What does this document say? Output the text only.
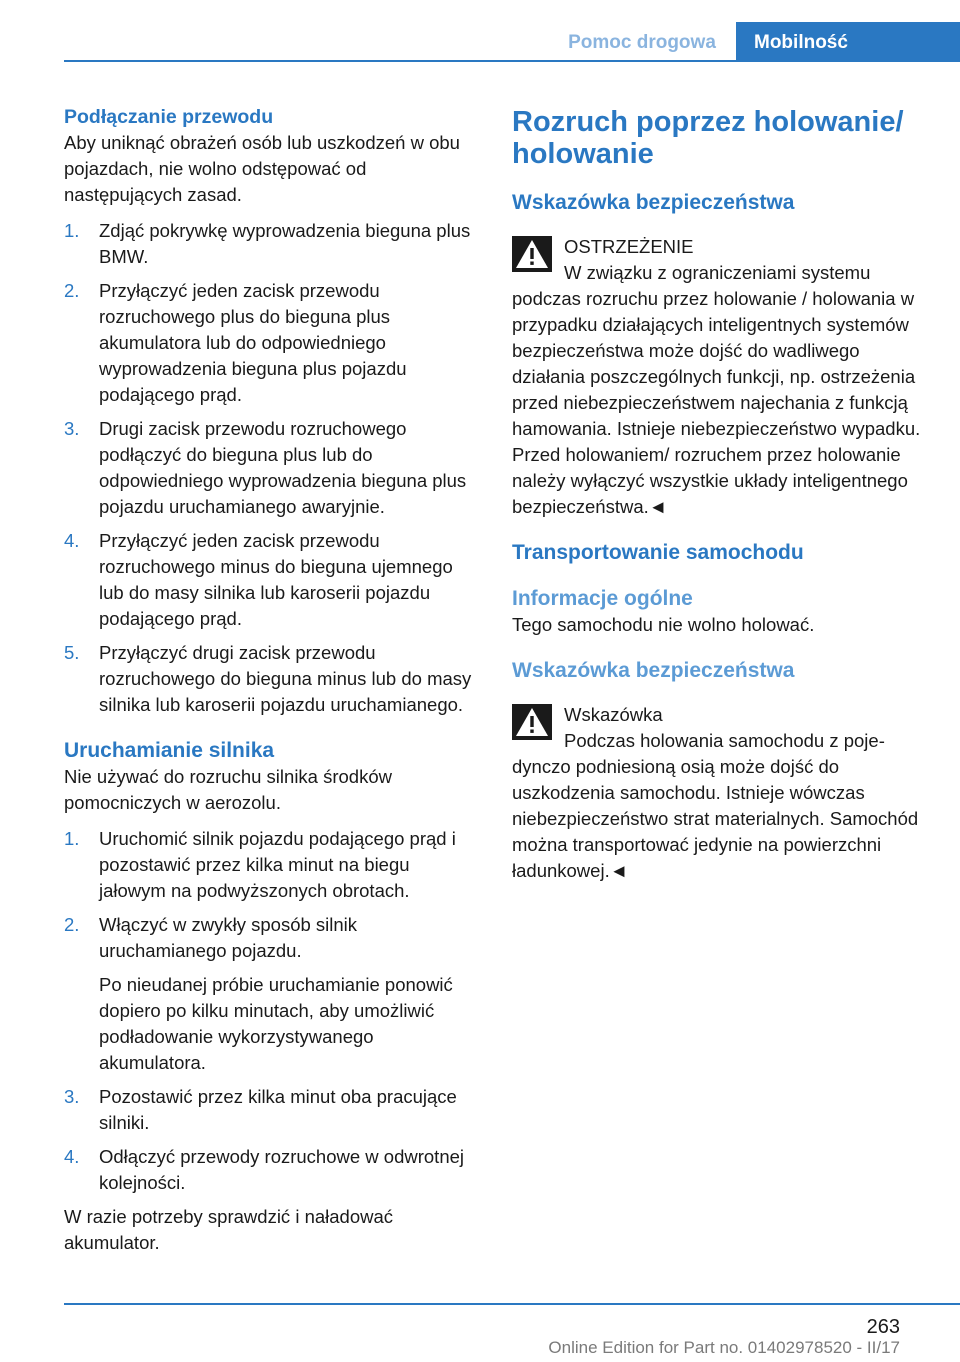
Pomoc drogowa	Mobilność
Podłączanie przewodu

Aby uniknąć obrażeń osób lub uszkodzeń w obu pojazdach, nie wolno odstępować od następujących zasad.

1. Zdjąć pokrywkę wyprowadzenia bieguna plus BMW.
2. Przyłączyć jeden zacisk przewodu rozruchowego plus do bieguna plus akumulatora lub do odpowiedniego wyprowadzenia bieguna plus pojazdu podającego prąd.
3. Drugi zacisk przewodu rozruchowego podłączyć do bieguna plus lub do odpowiedniego wyprowadzenia bieguna plus pojazdu uruchamianego awaryjnie.
4. Przyłączyć jeden zacisk przewodu rozruchowego minus do bieguna ujemnego lub do masy silnika lub karoserii pojazdu podającego prąd.
5. Przyłączyć drugi zacisk przewodu rozruchowego do bieguna minus lub do masy silnika lub karoserii pojazdu uruchamianego.
Uruchamianie silnika

Nie używać do rozruchu silnika środków pomocniczych w aerozolu.

1. Uruchomić silnik pojazdu podającego prąd i pozostawić przez kilka minut na biegu jałowym na podwyższonych obrotach.
2. Włączyć w zwykły sposób silnik uruchamianego pojazdu.
Po nieudanej próbie uruchamianie ponowić dopiero po kilku minutach, aby umożliwić podładowanie wykorzystywanego akumulatora.
3. Pozostawić przez kilka minut oba pracujące silniki.
4. Odłączyć przewody rozruchowe w odwrotnej kolejności.

W razie potrzeby sprawdzić i naładować akumulator.

Rozruch poprzez holowanie/ holowanie
Wskazówka bezpieczeństwa
OSTRZEŻENIE
W związku z ograniczeniami systemu
podczas rozruchu przez holowanie / holowania w przypadku działających inteligentnych systemów bezpieczeństwa może dojść do wadliwego działania poszczególnych funkcji, np. ostrzeżenia przed niebezpieczeństwem najechania z funkcją hamowania. Istnieje niebezpieczeństwo wypadku. Przed holowaniem/ rozruchem przez holowanie należy wyłączyć wszystkie układy inteligentnego bezpieczeństwa.◄
Transportowanie samochodu
Informacje ogólne

Tego samochodu nie wolno holować.

Wskazówka bezpieczeństwa
Wskazówka
Podczas holowania samochodu z poje-
dynczo podniesioną osią może dojść do uszkodzenia samochodu. Istnieje wówczas niebezpieczeństwo strat materialnych. Samochód można transportować jedynie na powierzchni ładunkowej.◄
263
Online Edition for Part no. 01402978520 - II/17
